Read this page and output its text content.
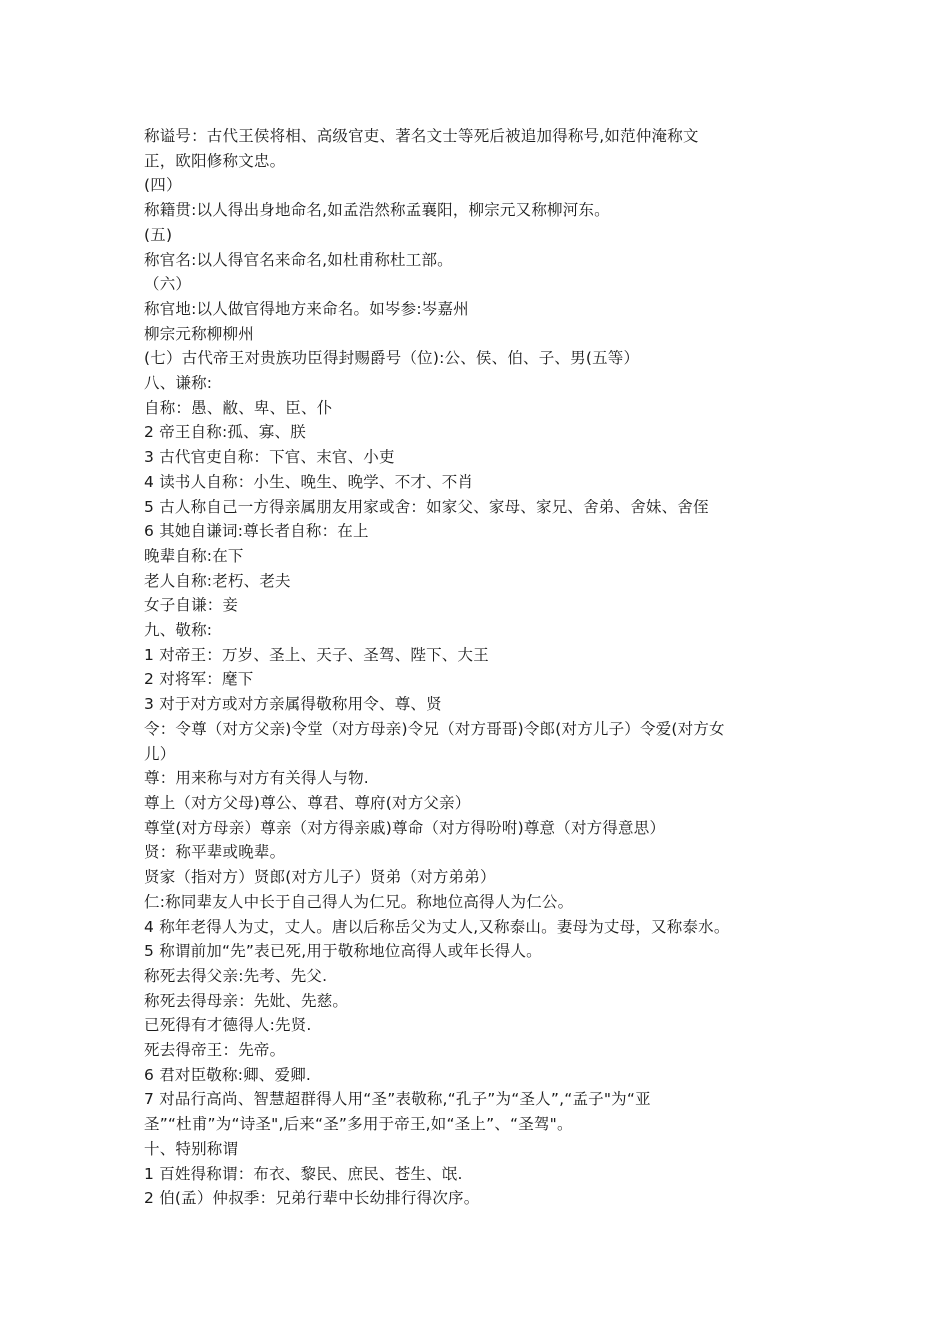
称谥号：古代王侯将相、高级官吏、著名文士等死后被追加得称号,如范仲淹称文

正，欧阳修称文忠。

(四）

称籍贯:以人得出身地命名,如孟浩然称孟襄阳，柳宗元又称柳河东。

(五)

称官名:以人得官名来命名,如杜甫称杜工部。

（六）

称官地:以人做官得地方来命名。如岑参:岑嘉州

柳宗元称柳柳州

(七）古代帝王对贵族功臣得封赐爵号（位):公、侯、伯、子、男(五等）

八、谦称:

自称：愚、敝、卑、臣、仆

2 帝王自称:孤、寡、朕

3 古代官吏自称：下官、末官、小吏

4 读书人自称：小生、晚生、晚学、不才、不肖

5 古人称自己一方得亲属朋友用家或舍：如家父、家母、家兄、舍弟、舍妹、舍侄

6 其她自谦词:尊长者自称：在上

晚辈自称:在下

老人自称:老朽、老夫

女子自谦：妾

九、敬称:

1 对帝王：万岁、圣上、天子、圣驾、陛下、大王

2 对将军：麾下

3 对于对方或对方亲属得敬称用令、尊、贤

令：令尊（对方父亲)令堂（对方母亲)令兄（对方哥哥)令郎(对方儿子）令爱(对方女

儿）

尊：用来称与对方有关得人与物.

尊上（对方父母)尊公、尊君、尊府(对方父亲）

尊堂(对方母亲）尊亲（对方得亲戚)尊命（对方得吩咐)尊意（对方得意思）

贤：称平辈或晚辈。

贤家（指对方）贤郎(对方儿子）贤弟（对方弟弟）

仁:称同辈友人中长于自己得人为仁兄。称地位高得人为仁公。

4 称年老得人为丈，丈人。唐以后称岳父为丈人,又称泰山。妻母为丈母，又称泰水。

5 称谓前加“先”表已死,用于敬称地位高得人或年长得人。

称死去得父亲:先考、先父.

称死去得母亲：先妣、先慈。

已死得有才德得人:先贤.

死去得帝王：先帝。

6 君对臣敬称:卿、爱卿.

7 对品行高尚、智慧超群得人用“圣”表敬称,“孔子”为“圣人”,“孟子"为“亚

圣”“杜甫”为“诗圣",后来“圣”多用于帝王,如“圣上”、“圣驾"。

十、特别称谓

1 百姓得称谓：布衣、黎民、庶民、苍生、氓.

2 伯(孟）仲叔季：兄弟行辈中长幼排行得次序。
